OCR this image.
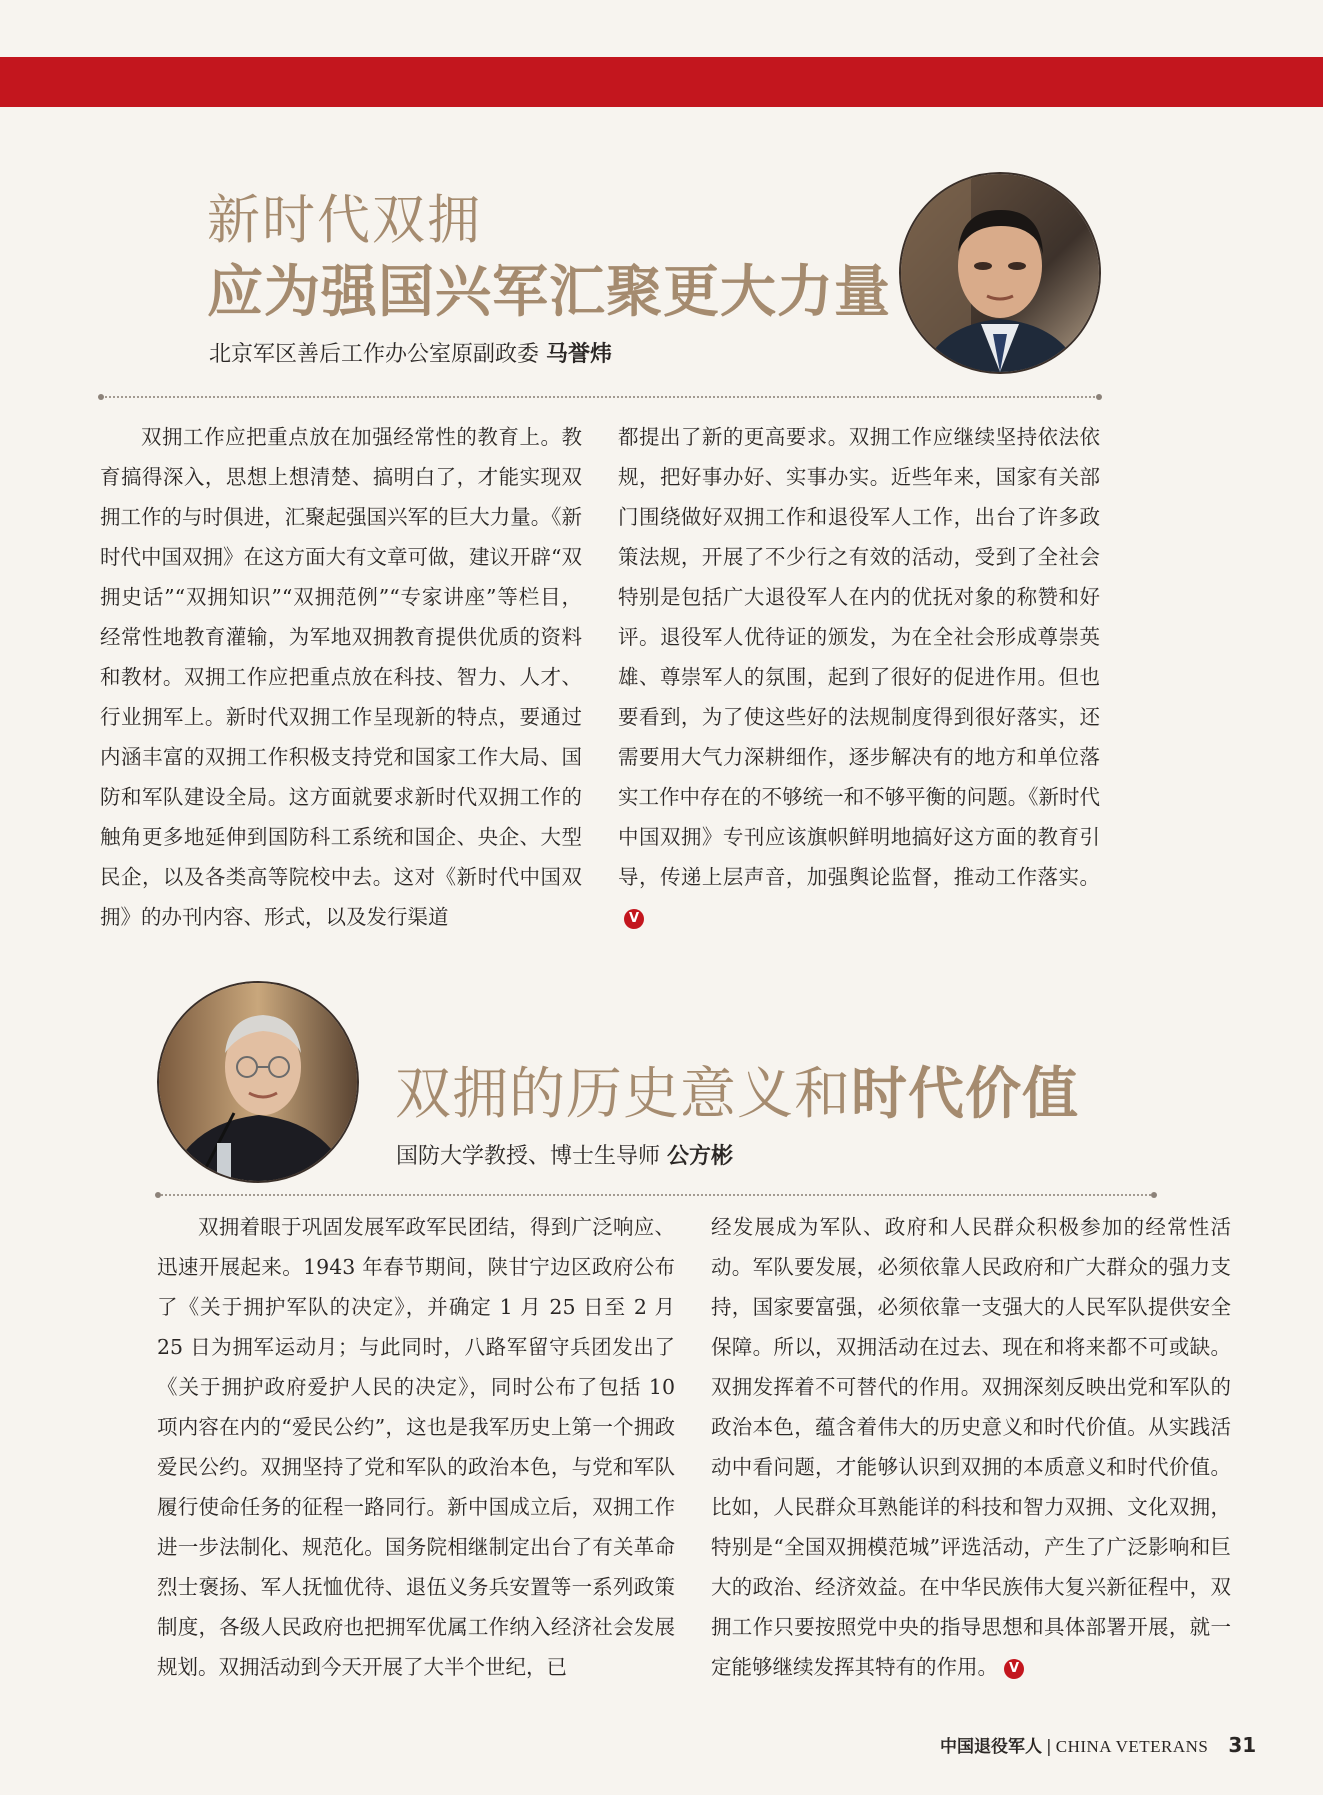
新时代双拥
应为强国兴军汇聚更大力量
北京军区善后工作办公室原副政委 马誉炜

双拥工作应把重点放在加强经常性的教育上。教育搞得深入，思想上想清楚、搞明白了，才能实现双拥工作的与时俱进，汇聚起强国兴军的巨大力量。《新时代中国双拥》在这方面大有文章可做，建议开辟“双拥史话”“双拥知识”“双拥范例”“专家讲座”等栏目，经常性地教育灌输，为军地双拥教育提供优质的资料和教材。双拥工作应把重点放在科技、智力、人才、行业拥军上。新时代双拥工作呈现新的特点，要通过内涵丰富的双拥工作积极支持党和国家工作大局、国防和军队建设全局。这方面就要求新时代双拥工作的触角更多地延伸到国防科工系统和国企、央企、大型民企，以及各类高等院校中去。这对《新时代中国双拥》的办刊内容、形式，以及发行渠道

都提出了新的更高要求。双拥工作应继续坚持依法依规，把好事办好、实事办实。近些年来，国家有关部门围绕做好双拥工作和退役军人工作，出台了许多政策法规，开展了不少行之有效的活动，受到了全社会特别是包括广大退役军人在内的优抚对象的称赞和好评。退役军人优待证的颁发，为在全社会形成尊崇英雄、尊崇军人的氛围，起到了很好的促进作用。但也要看到，为了使这些好的法规制度得到很好落实，还需要用大气力深耕细作，逐步解决有的地方和单位落实工作中存在的不够统一和不够平衡的问题。《新时代中国双拥》专刊应该旗帜鲜明地搞好这方面的教育引导，传递上层声音，加强舆论监督，推动工作落实。V

双拥的历史意义和时代价值
国防大学教授、博士生导师 公方彬

双拥着眼于巩固发展军政军民团结，得到广泛响应、迅速开展起来。1943 年春节期间，陕甘宁边区政府公布了《关于拥护军队的决定》，并确定 1 月 25 日至 2 月 25 日为拥军运动月；与此同时，八路军留守兵团发出了《关于拥护政府爱护人民的决定》，同时公布了包括 10 项内容在内的“爱民公约”，这也是我军历史上第一个拥政爱民公约。双拥坚持了党和军队的政治本色，与党和军队履行使命任务的征程一路同行。新中国成立后，双拥工作进一步法制化、规范化。国务院相继制定出台了有关革命烈士褒扬、军人抚恤优待、退伍义务兵安置等一系列政策制度，各级人民政府也把拥军优属工作纳入经济社会发展规划。双拥活动到今天开展了大半个世纪，已

经发展成为军队、政府和人民群众积极参加的经常性活动。军队要发展，必须依靠人民政府和广大群众的强力支持，国家要富强，必须依靠一支强大的人民军队提供安全保障。所以，双拥活动在过去、现在和将来都不可或缺。双拥发挥着不可替代的作用。双拥深刻反映出党和军队的政治本色，蕴含着伟大的历史意义和时代价值。从实践活动中看问题，才能够认识到双拥的本质意义和时代价值。比如，人民群众耳熟能详的科技和智力双拥、文化双拥，特别是“全国双拥模范城”评选活动，产生了广泛影响和巨大的政治、经济效益。在中华民族伟大复兴新征程中，双拥工作只要按照党中央的指导思想和具体部署开展，就一定能够继续发挥其特有的作用。 V

中国退役军人 | CHINA VETERANS 31
